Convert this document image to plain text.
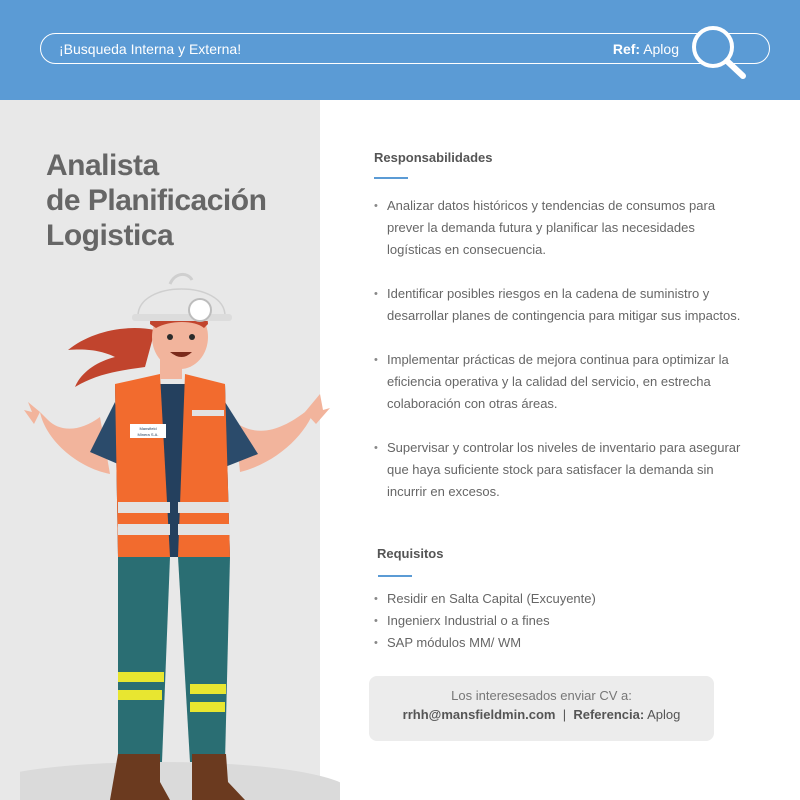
¡Busqueda Interna y Externa!	Ref: Aplog
Analista
de Planificación
Logistica
Mansfield
Minera S.A.
Responsabilidades
• Analizar datos históricos y tendencias de consumos para prever la demanda futura y planificar las necesidades logísticas en consecuencia.
• Identificar posibles riesgos en la cadena de suministro y desarrollar planes de contingencia para mitigar sus impactos.
• Implementar prácticas de mejora continua para optimizar la eficiencia operativa y la calidad del servicio, en estrecha colaboración con otras áreas.
• Supervisar y controlar los niveles de inventario para asegurar que haya suficiente stock para satisfacer la demanda sin incurrir en excesos.
Requisitos
• Residir en Salta Capital (Excuyente)
• Ingenierx Industrial o a fines
• SAP módulos MM/ WM
Los interesesados enviar CV a:
rrhh@mansfieldmin.com | Referencia: Aplog
